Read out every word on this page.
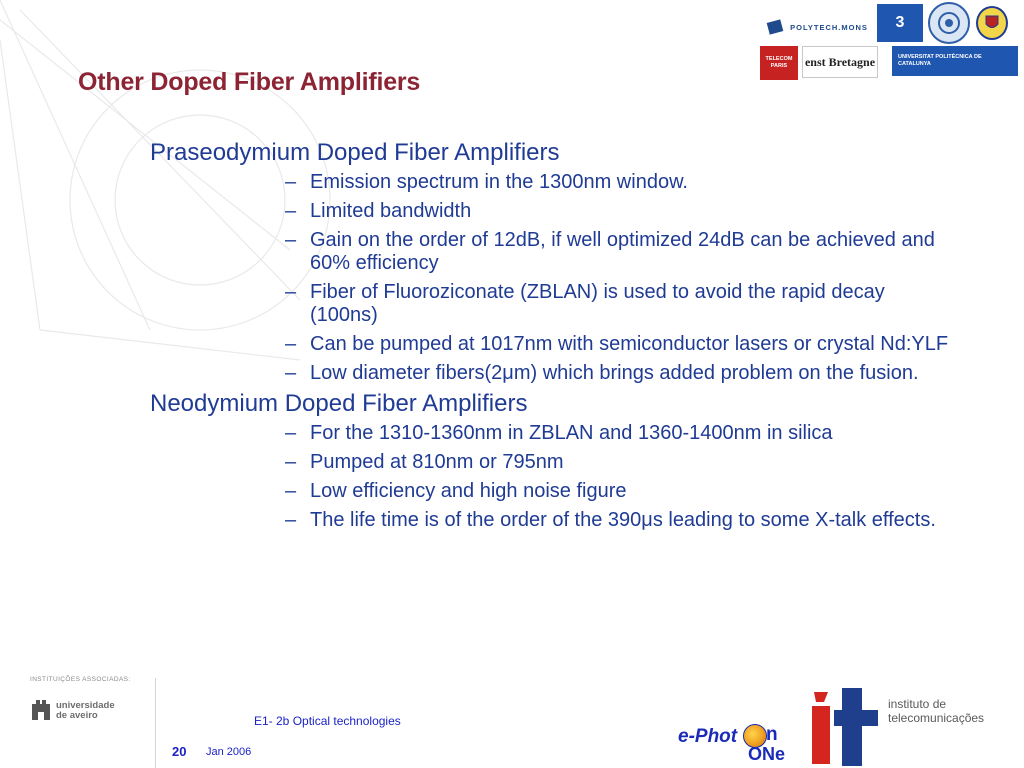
Other Doped Fiber Amplifiers
POLYTECH.MONS 3
TELECOM PARIS	enst Bretagne	UNIVERSITAT POLITÈCNICA DE CATALUNYA
Praseodymium Doped Fiber Amplifiers
– Emission spectrum in the 1300nm window.
– Limited bandwidth
– Gain on the order of 12dB, if well optimized 24dB can be achieved and 60% efficiency
– Fiber of Fluoroziconate (ZBLAN) is used to avoid the rapid decay (100ns)
– Can be pumped at 1017nm with semiconductor lasers or crystal Nd:YLF
– Low diameter fibers(2μm) which brings added problem on the fusion.
Neodymium Doped Fiber Amplifiers
– For the 1310-1360nm in ZBLAN and 1360-1400nm in silica
– Pumped at 810nm or 795nm
– Low efficiency and high noise figure
– The life time is of the order of the 390μs leading to some X-talk effects.
INSTITUIÇÕES ASSOCIADAS:
universidade
de aveiro	E1- 2b Optical technologies
20 Jan 2006
e-Phot n
ONe
instituto de
telecomunicações
